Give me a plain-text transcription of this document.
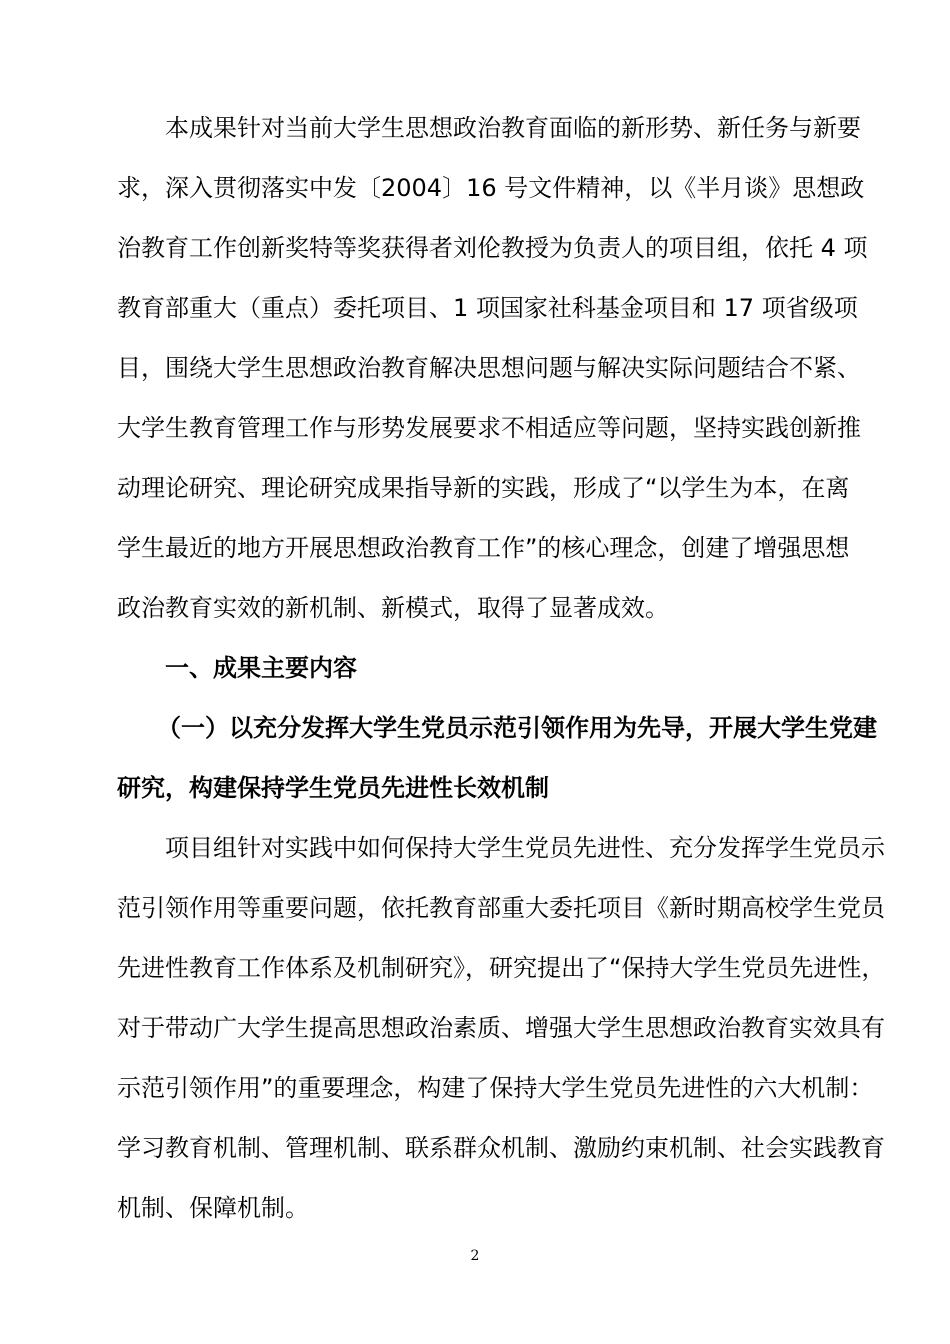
本成果针对当前大学生思想政治教育面临的新形势、新任务与新要
求，深入贯彻落实中发〔2004〕16 号文件精神，以《半月谈》思想政
治教育工作创新奖特等奖获得者刘伦教授为负责人的项目组，依托 4 项
教育部重大（重点）委托项目、1 项国家社科基金项目和 17 项省级项
目，围绕大学生思想政治教育解决思想问题与解决实际问题结合不紧、
大学生教育管理工作与形势发展要求不相适应等问题，坚持实践创新推
动理论研究、理论研究成果指导新的实践，形成了“以学生为本，在离
学生最近的地方开展思想政治教育工作”的核心理念，创建了增强思想
政治教育实效的新机制、新模式，取得了显著成效。
一、成果主要内容
（一）以充分发挥大学生党员示范引领作用为先导，开展大学生党建
研究，构建保持学生党员先进性长效机制
项目组针对实践中如何保持大学生党员先进性、充分发挥学生党员示
范引领作用等重要问题，依托教育部重大委托项目《新时期高校学生党员
先进性教育工作体系及机制研究》，研究提出了“保持大学生党员先进性，
对于带动广大学生提高思想政治素质、增强大学生思想政治教育实效具有
示范引领作用”的重要理念，构建了保持大学生党员先进性的六大机制：
学习教育机制、管理机制、联系群众机制、激励约束机制、社会实践教育
机制、保障机制。
2
